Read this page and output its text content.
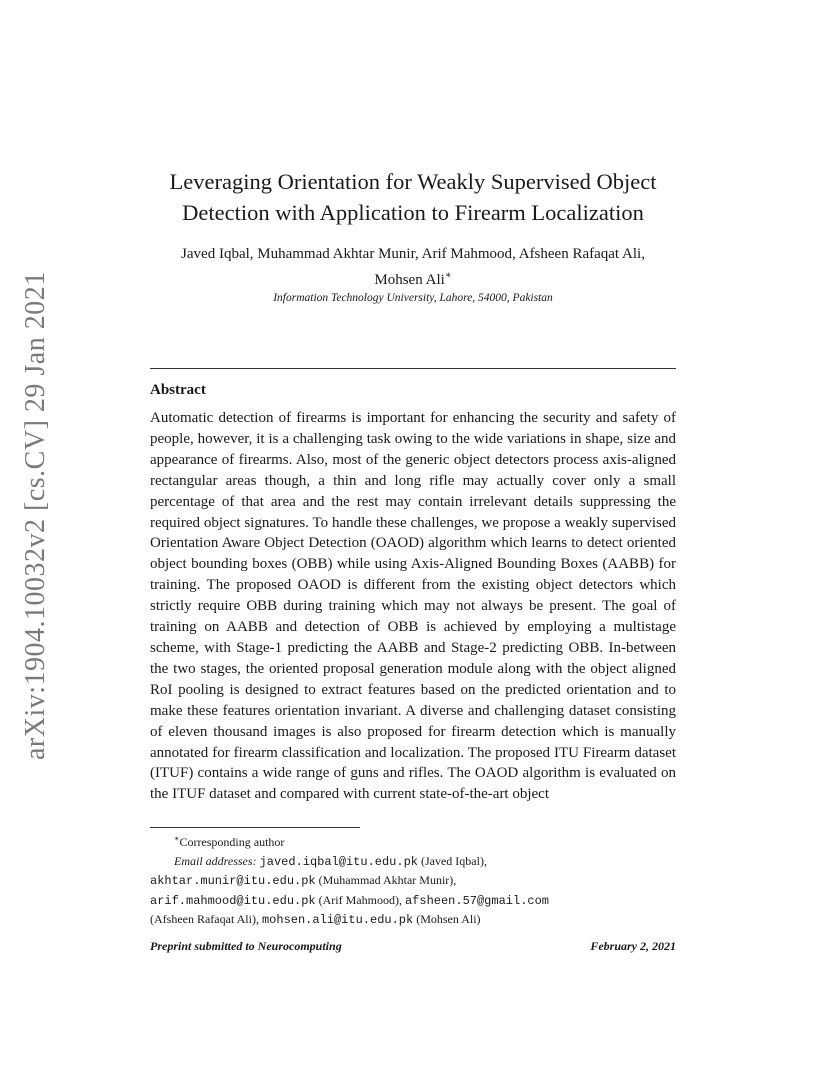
arXiv:1904.10032v2 [cs.CV] 29 Jan 2021
Leveraging Orientation for Weakly Supervised Object
Detection with Application to Firearm Localization
Javed Iqbal, Muhammad Akhtar Munir, Arif Mahmood, Afsheen Rafaqat Ali,
Mohsen Ali∗
Information Technology University, Lahore, 54000, Pakistan
Abstract

Automatic detection of firearms is important for enhancing the security and safety of people, however, it is a challenging task owing to the wide variations in shape, size and appearance of firearms. Also, most of the generic object detectors process axis-aligned rectangular areas though, a thin and long rifle may actually cover only a small percentage of that area and the rest may contain irrelevant details suppressing the required object signatures. To handle these challenges, we propose a weakly supervised Orientation Aware Object Detection (OAOD) algorithm which learns to detect oriented object bounding boxes (OBB) while using Axis-Aligned Bounding Boxes (AABB) for training. The proposed OAOD is different from the existing object detectors which strictly require OBB during training which may not always be present. The goal of training on AABB and detection of OBB is achieved by employing a multistage scheme, with Stage-1 predicting the AABB and Stage-2 predicting OBB. In-between the two stages, the oriented proposal generation module along with the object aligned RoI pooling is designed to extract features based on the predicted orientation and to make these features orientation invariant. A diverse and challenging dataset consisting of eleven thousand images is also proposed for firearm detection which is manually annotated for firearm classification and localization. The proposed ITU Firearm dataset (ITUF) contains a wide range of guns and rifles. The OAOD algorithm is evaluated on the ITUF dataset and compared with current state-of-the-art object

∗Corresponding author
Email addresses: javed.iqbal@itu.edu.pk (Javed Iqbal),
akhtar.munir@itu.edu.pk (Muhammad Akhtar Munir),
arif.mahmood@itu.edu.pk (Arif Mahmood), afsheen.57@gmail.com
(Afsheen Rafaqat Ali), mohsen.ali@itu.edu.pk (Mohsen Ali)
Preprint submitted to Neurocomputing	February 2, 2021
